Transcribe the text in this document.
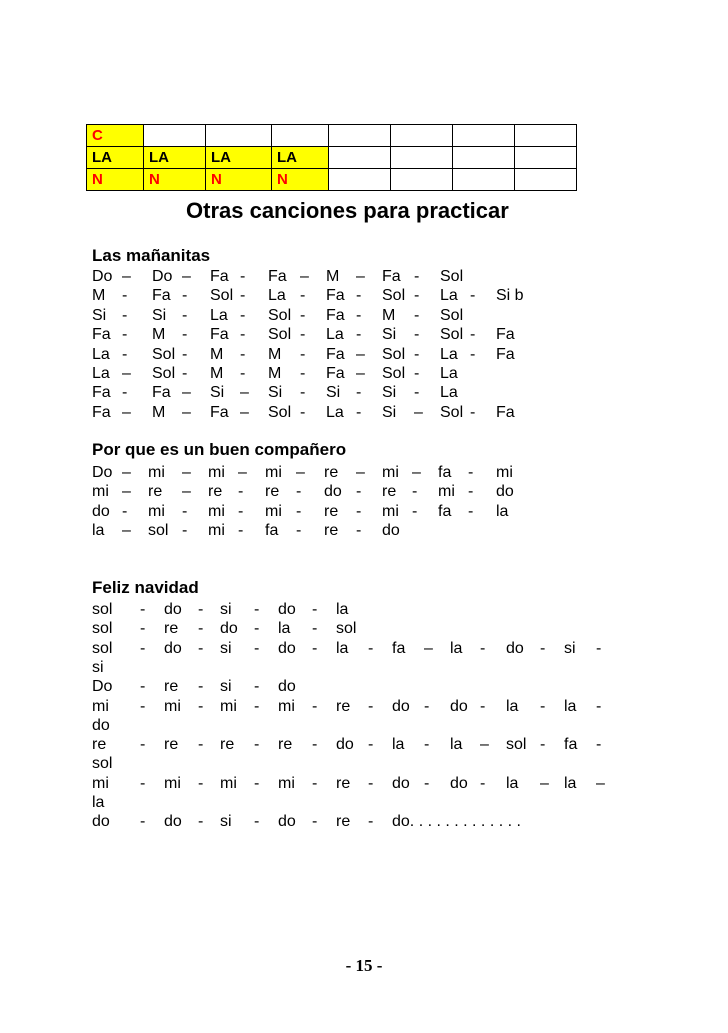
C							
LA	LA	LA	LA				
N	N	N	N				
Otras canciones para practicar
Las mañanitas
Do – Do – Fa - Fa – M – Fa - Sol
M - Fa - Sol - La - Fa - Sol - La - Si b
Si - Si - La - Sol - Fa - M - Sol
Fa - M - Fa - Sol - La - Si - Sol - Fa
La - Sol - M - M - Fa – Sol - La - Fa
La – Sol - M - M - Fa – Sol - La
Fa - Fa – Si – Si - Si - Si - La
Fa – M – Fa – Sol - La - Si – Sol - Fa
Por que es un buen compañero
Do – mi – mi – mi – re – mi – fa - mi
mi – re – re - re - do - re - mi - do
do - mi - mi - mi - re - mi - fa - la
la – sol - mi - fa - re - do
Feliz navidad
sol - do - si - do - la
sol - re - do - la - sol
sol - do - si - do - la - fa – la - do - si -
si
Do - re - si - do
mi - mi - mi - mi - re - do - do - la - la -
do
re - re - re - re - do - la - la – sol - fa -
sol
mi - mi - mi - mi - re - do - do - la – la –
la
do - do - si - do - re - do. . . . . . . . . . . . .
- 15 -
